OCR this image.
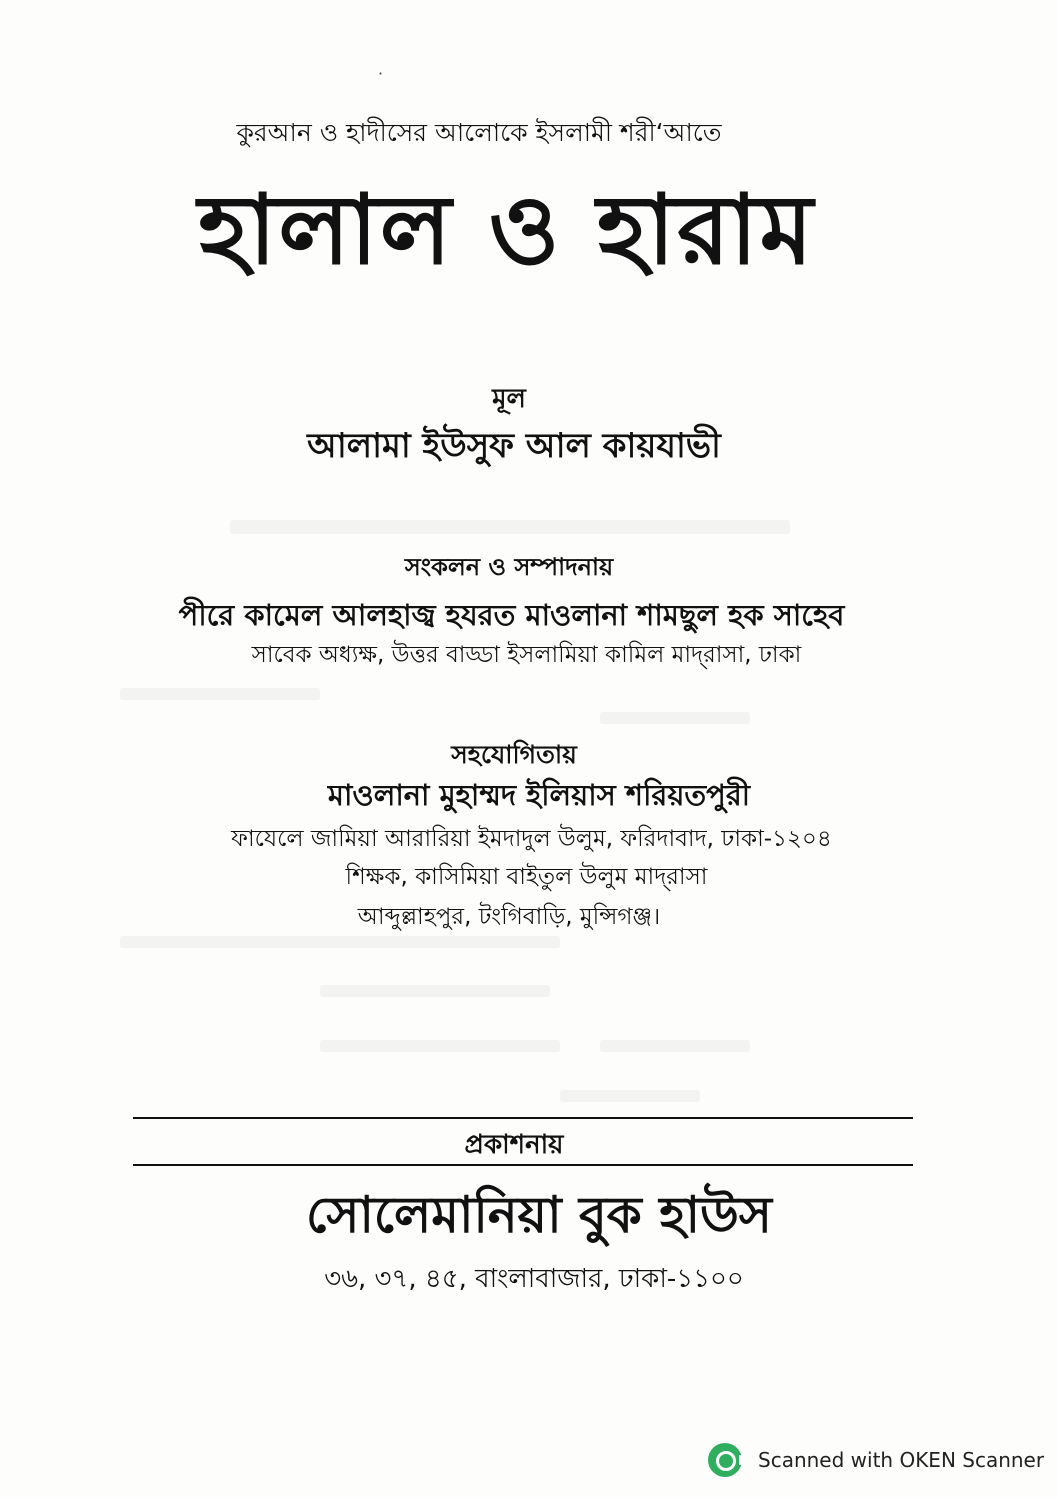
·
কুরআন ও হাদীসের আলোকে ইসলামী শরী‘আতে
হালাল ও হারাম
মূল
আলামা ইউসুফ আল কায়যাভী
সংকলন ও সম্পাদনায়
পীরে কামেল আলহাজ্ব হযরত মাওলানা শামছুল হক সাহেব
সাবেক অধ্যক্ষ, উত্তর বাড্ডা ইসলামিয়া কামিল মাদ্‌রাসা, ঢাকা
সহযোগিতায়
মাওলানা মুহাম্মদ ইলিয়াস শরিয়তপুরী
ফাযেলে জামিয়া আরারিয়া ইমদাদুল উলুম, ফরিদাবাদ, ঢাকা-১২০৪
শিক্ষক, কাসিমিয়া বাইতুল উলুম মাদ্‌রাসা
আব্দুল্লাহপুর, টংগিবাড়ি, মুন্সিগঞ্জ।
প্রকাশনায়
সোলেমানিয়া বুক হাউস
৩৬, ৩৭, ৪৫, বাংলাবাজার, ঢাকা-১১০০
Scanned with OKEN Scanner
